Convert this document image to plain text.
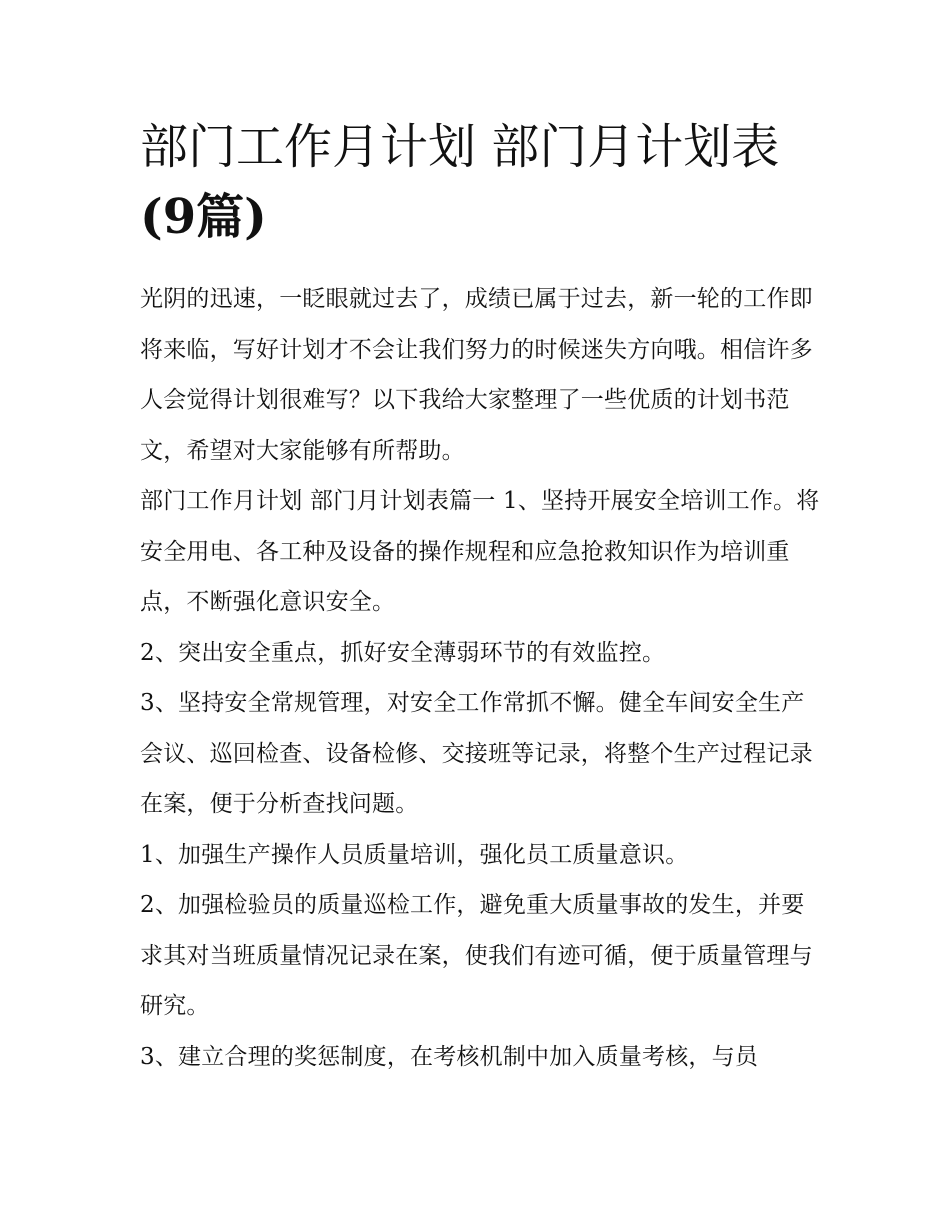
部门工作月计划 部门月计划表
(9篇)

光阴的迅速，一眨眼就过去了，成绩已属于过去，新一轮的工作即将来临，写好计划才不会让我们努力的时候迷失方向哦。相信许多人会觉得计划很难写？以下我给大家整理了一些优质的计划书范文，希望对大家能够有所帮助。

部门工作月计划 部门月计划表篇一 1、坚持开展安全培训工作。将安全用电、各工种及设备的操作规程和应急抢救知识作为培训重点，不断强化意识安全。

2、突出安全重点，抓好安全薄弱环节的有效监控。

3、坚持安全常规管理，对安全工作常抓不懈。健全车间安全生产会议、巡回检查、设备检修、交接班等记录，将整个生产过程记录在案，便于分析查找问题。

1、加强生产操作人员质量培训，强化员工质量意识。

2、加强检验员的质量巡检工作，避免重大质量事故的发生，并要求其对当班质量情况记录在案，使我们有迹可循，便于质量管理与研究。

3、建立合理的奖惩制度，在考核机制中加入质量考核，与员
